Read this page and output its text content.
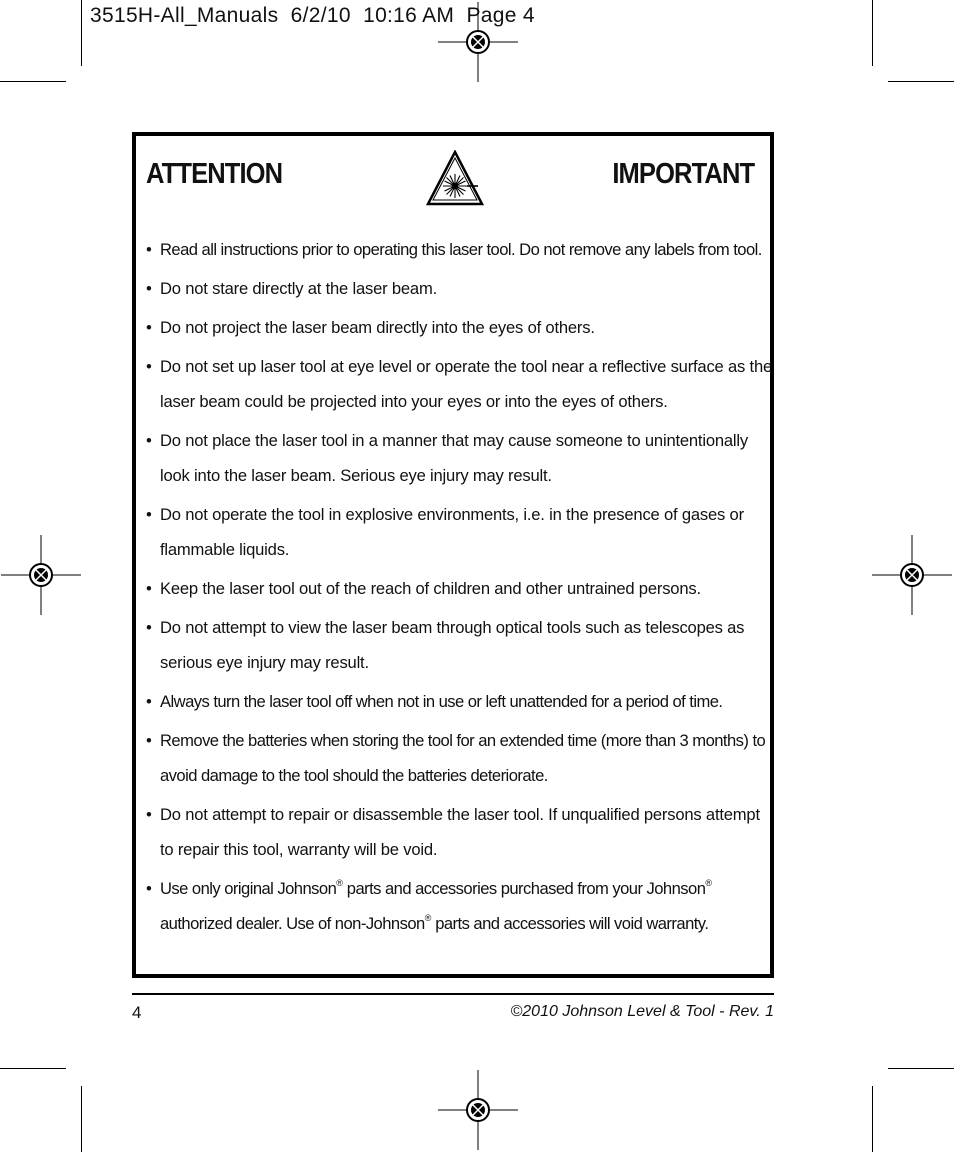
3515H-All_Manuals  6/2/10  10:16 AM  Page 4
ATTENTION	IMPORTANT
• Read all instructions prior to operating this laser tool. Do not remove any labels from tool.
• Do not stare directly at the laser beam.
• Do not project the laser beam directly into the eyes of others.
• Do not set up laser tool at eye level or operate the tool near a reflective surface as the laser beam could be projected into your eyes or into the eyes of others.
• Do not place the laser tool in a manner that may cause someone to unintentionally look into the laser beam. Serious eye injury may result.
• Do not operate the tool in explosive environments, i.e. in the presence of gases or flammable liquids.
• Keep the laser tool out of the reach of children and other untrained persons.
• Do not attempt to view the laser beam through optical tools such as telescopes as serious eye injury may result.
• Always turn the laser tool off when not in use or left unattended for a period of time.
• Remove the batteries when storing the tool for an extended time (more than 3 months) to avoid damage to the tool should the batteries deteriorate.
• Do not attempt to repair or disassemble the laser tool. If unqualified persons attempt to repair this tool, warranty will be void.
• Use only original Johnson® parts and accessories purchased from your Johnson® authorized dealer. Use of non-Johnson® parts and accessories will void warranty.
4	©2010 Johnson Level & Tool - Rev. 1
